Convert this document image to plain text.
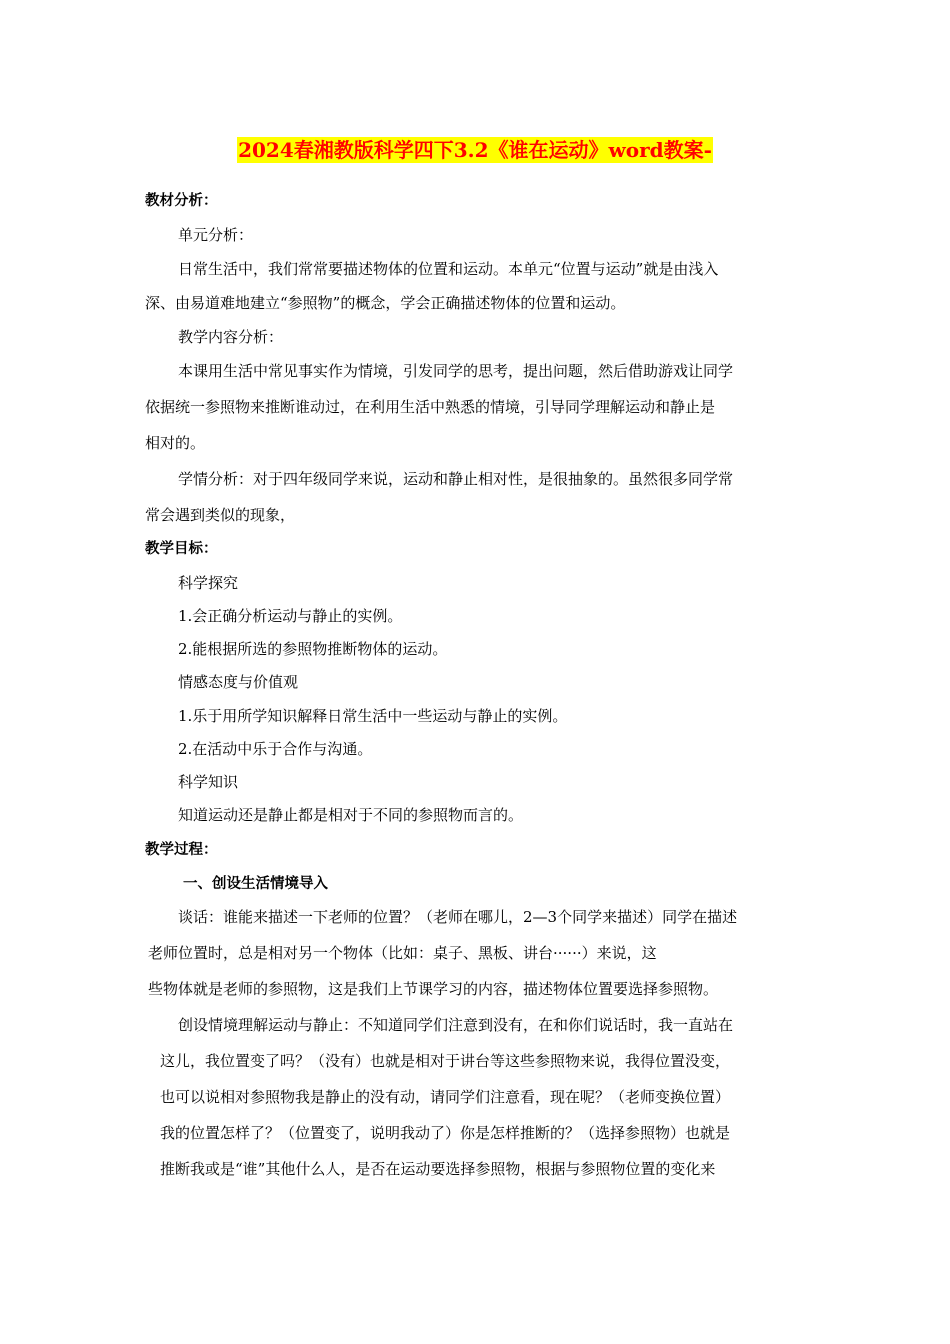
2024春湘教版科学四下3.2《谁在运动》word教案-
教材分析：
单元分析：
日常生活中，我们常常要描述物体的位置和运动。本单元“位置与运动”就是由浅入
深、由易道难地建立“参照物”的概念，学会正确描述物体的位置和运动。
教学内容分析：
本课用生活中常见事实作为情境，引发同学的思考，提出问题，然后借助游戏让同学
依据统一参照物来推断谁动过，在利用生活中熟悉的情境，引导同学理解运动和静止是
相对的。
学情分析：对于四年级同学来说，运动和静止相对性，是很抽象的。虽然很多同学常
常会遇到类似的现象，
教学目标：
科学探究
1.会正确分析运动与静止的实例。
2.能根据所选的参照物推断物体的运动。
情感态度与价值观
1.乐于用所学知识解释日常生活中一些运动与静止的实例。
2.在活动中乐于合作与沟通。
科学知识
知道运动还是静止都是相对于不同的参照物而言的。
教学过程：
一、创设生活情境导入
谈话：谁能来描述一下老师的位置？（老师在哪儿，2—3个同学来描述）同学在描述
老师位置时，总是相对另一个物体（比如：桌子、黑板、讲台······）来说，这
些物体就是老师的参照物，这是我们上节课学习的内容，描述物体位置要选择参照物。
创设情境理解运动与静止：不知道同学们注意到没有，在和你们说话时，我一直站在
这儿，我位置变了吗？（没有）也就是相对于讲台等这些参照物来说，我得位置没变，
也可以说相对参照物我是静止的没有动，请同学们注意看，现在呢？（老师变换位置）
我的位置怎样了？（位置变了，说明我动了）你是怎样推断的？（选择参照物）也就是
推断我或是“谁”其他什么人，是否在运动要选择参照物，根据与参照物位置的变化来
